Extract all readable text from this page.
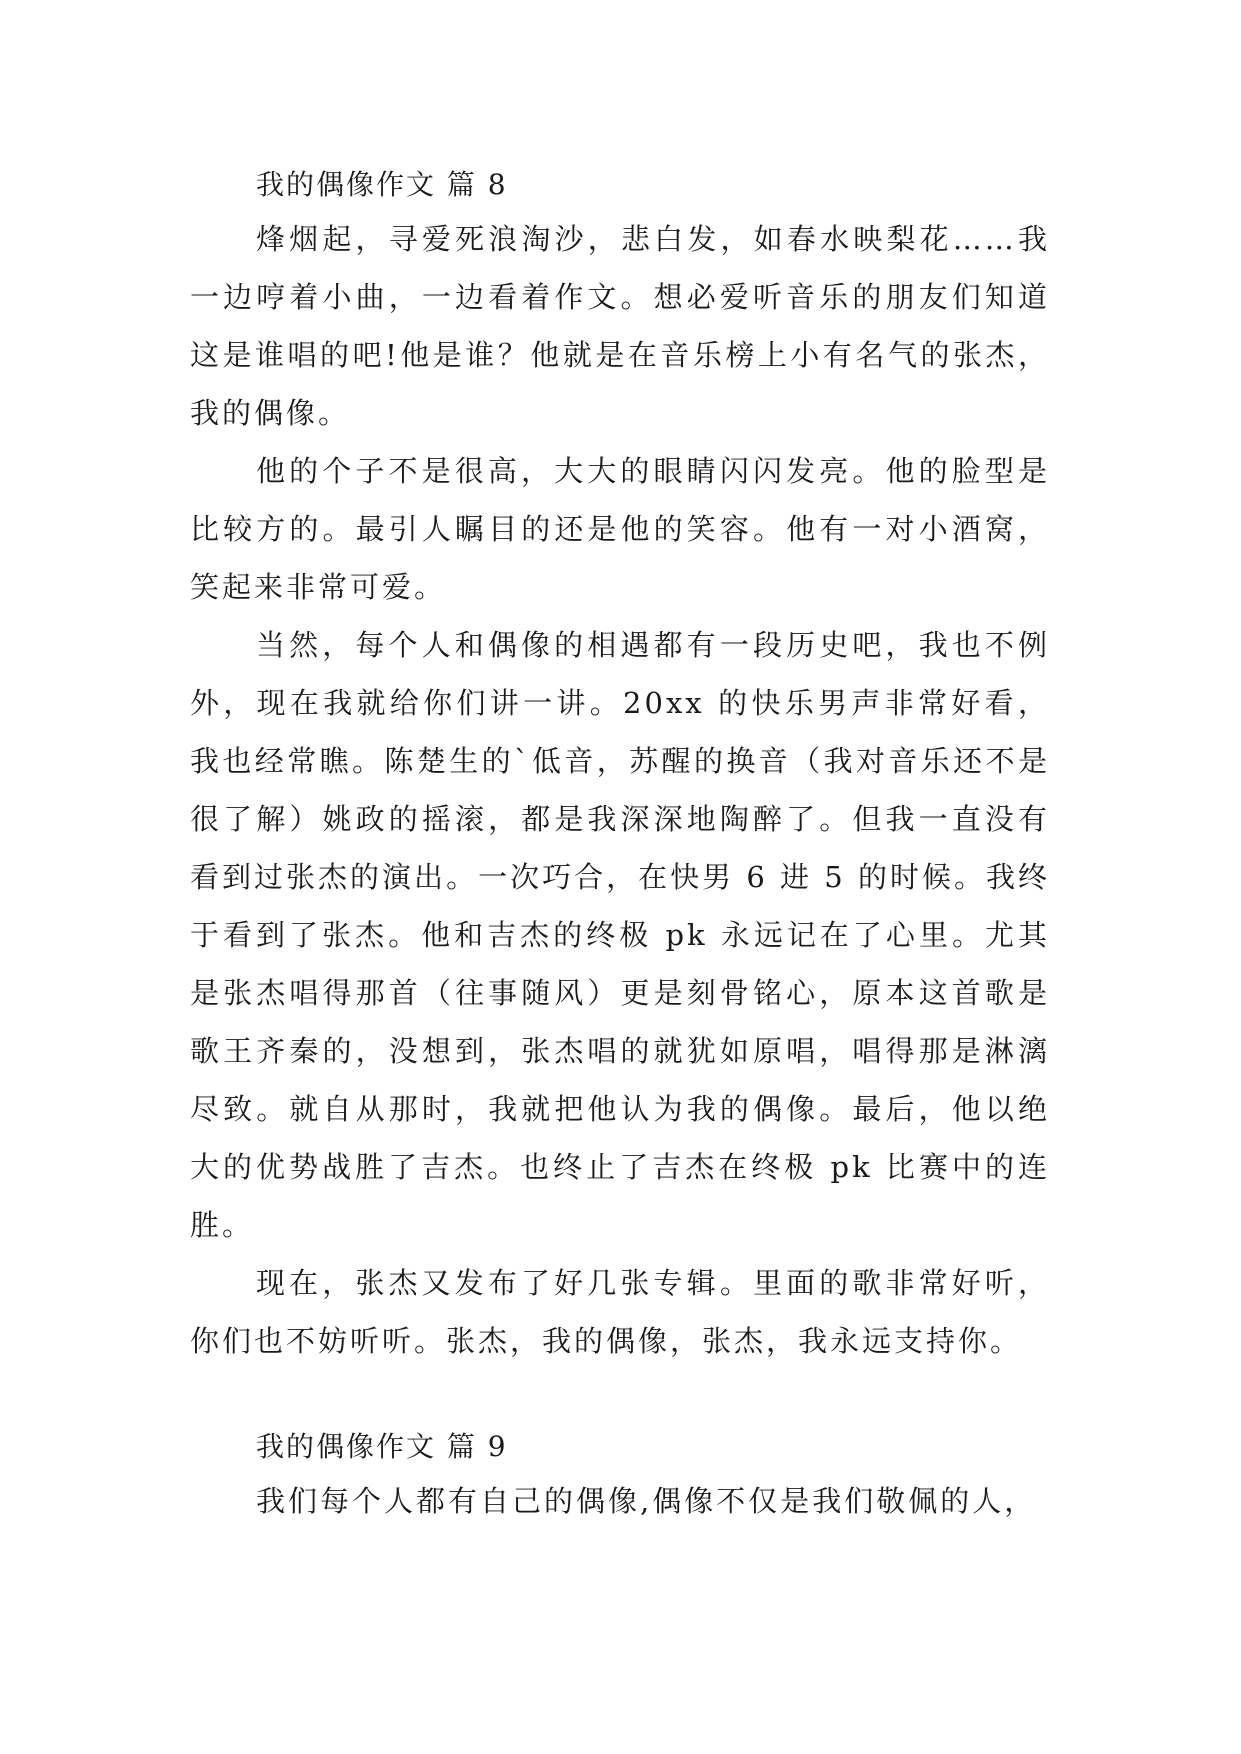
我的偶像作文 篇 8

烽烟起，寻爱死浪淘沙，悲白发，如春水映梨花……我一边哼着小曲，一边看着作文。想必爱听音乐的朋友们知道这是谁唱的吧!他是谁？他就是在音乐榜上小有名气的张杰，我的偶像。

他的个子不是很高，大大的眼睛闪闪发亮。他的脸型是比较方的。最引人瞩目的还是他的笑容。他有一对小酒窝，笑起来非常可爱。

当然，每个人和偶像的相遇都有一段历史吧，我也不例外，现在我就给你们讲一讲。20xx 的快乐男声非常好看，我也经常瞧。陈楚生的`低音，苏醒的换音（我对音乐还不是很了解）姚政的摇滚，都是我深深地陶醉了。但我一直没有看到过张杰的演出。一次巧合，在快男 6 进 5 的时候。我终于看到了张杰。他和吉杰的终极 pk 永远记在了心里。尤其是张杰唱得那首（往事随风）更是刻骨铭心，原本这首歌是歌王齐秦的，没想到，张杰唱的就犹如原唱，唱得那是淋漓尽致。就自从那时，我就把他认为我的偶像。最后，他以绝大的优势战胜了吉杰。也终止了吉杰在终极 pk 比赛中的连胜。

现在，张杰又发布了好几张专辑。里面的歌非常好听，你们也不妨听听。张杰，我的偶像，张杰，我永远支持你。

我的偶像作文 篇 9

我们每个人都有自己的偶像,偶像不仅是我们敬佩的人，
